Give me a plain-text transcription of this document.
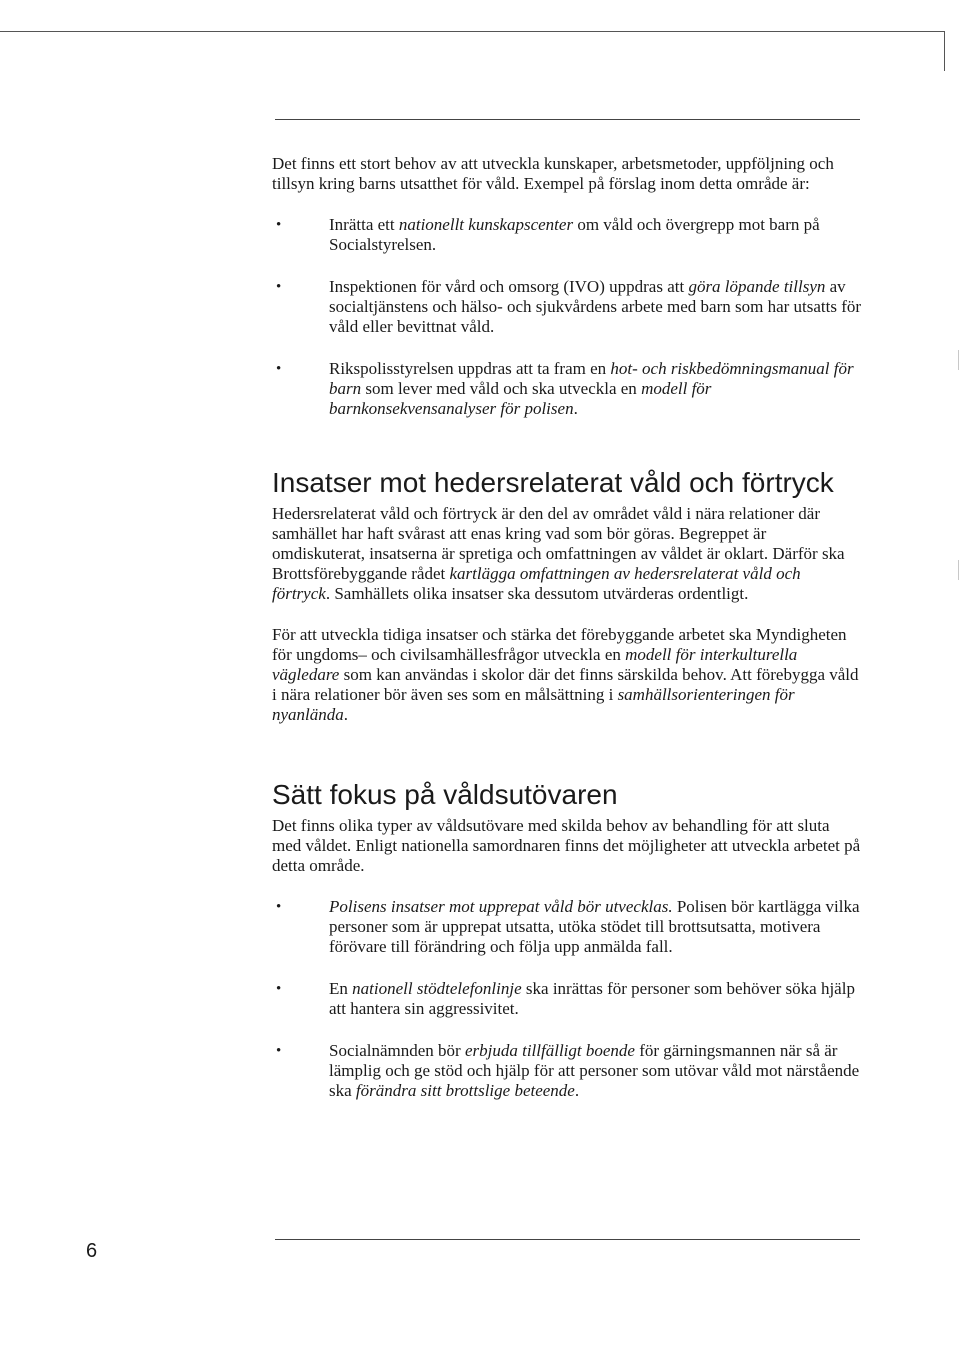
Det finns ett stort behov av att utveckla kunskaper, arbetsmetoder, uppföljning och tillsyn kring barns utsatthet för våld. Exempel på förslag inom detta område är:

•	Inrätta ett nationellt kunskapscenter om våld och övergrepp mot barn på Socialstyrelsen.
•	Inspektionen för vård och omsorg (IVO) uppdras att göra löpande tillsyn av socialtjänstens och hälso- och sjukvårdens arbete med barn som har utsatts för våld eller bevittnat våld.
•	Rikspolisstyrelsen uppdras att ta fram en hot- och riskbedömningsmanual för barn som lever med våld och ska utveckla en modell för barnkonsekvensanalyser för polisen.
Insatser mot hedersrelaterat våld och förtryck

Hedersrelaterat våld och förtryck är den del av området våld i nära relationer där samhället har haft svårast att enas kring vad som bör göras. Begreppet är omdiskuterat, insatserna är spretiga och omfattningen av våldet är oklart. Därför ska Brottsförebyggande rådet kartlägga omfattningen av hedersrelaterat våld och förtryck. Samhällets olika insatser ska dessutom utvärderas ordentligt.

För att utveckla tidiga insatser och stärka det förebyggande arbetet ska Myndigheten för ungdoms– och civilsamhällesfrågor utveckla en modell för interkulturella vägledare som kan användas i skolor där det finns särskilda behov. Att förebygga våld i nära relationer bör även ses som en målsättning i samhällsorienteringen för nyanlända.

Sätt fokus på våldsutövaren

Det finns olika typer av våldsutövare med skilda behov av behandling för att sluta med våldet. Enligt nationella samordnaren finns det möjligheter att utveckla arbetet på detta område.

•	Polisens insatser mot upprepat våld bör utvecklas. Polisen bör kartlägga vilka personer som är upprepat utsatta, utöka stödet till brottsutsatta, motivera förövare till förändring och följa upp anmälda fall.
•	En nationell stödtelefonlinje ska inrättas för personer som behöver söka hjälp att hantera sin aggressivitet.
•	Socialnämnden bör erbjuda tillfälligt boende för gärningsmannen när så är lämplig och ge stöd och hjälp för att personer som utövar våld mot närstående ska förändra sitt brottslige beteende.
6
